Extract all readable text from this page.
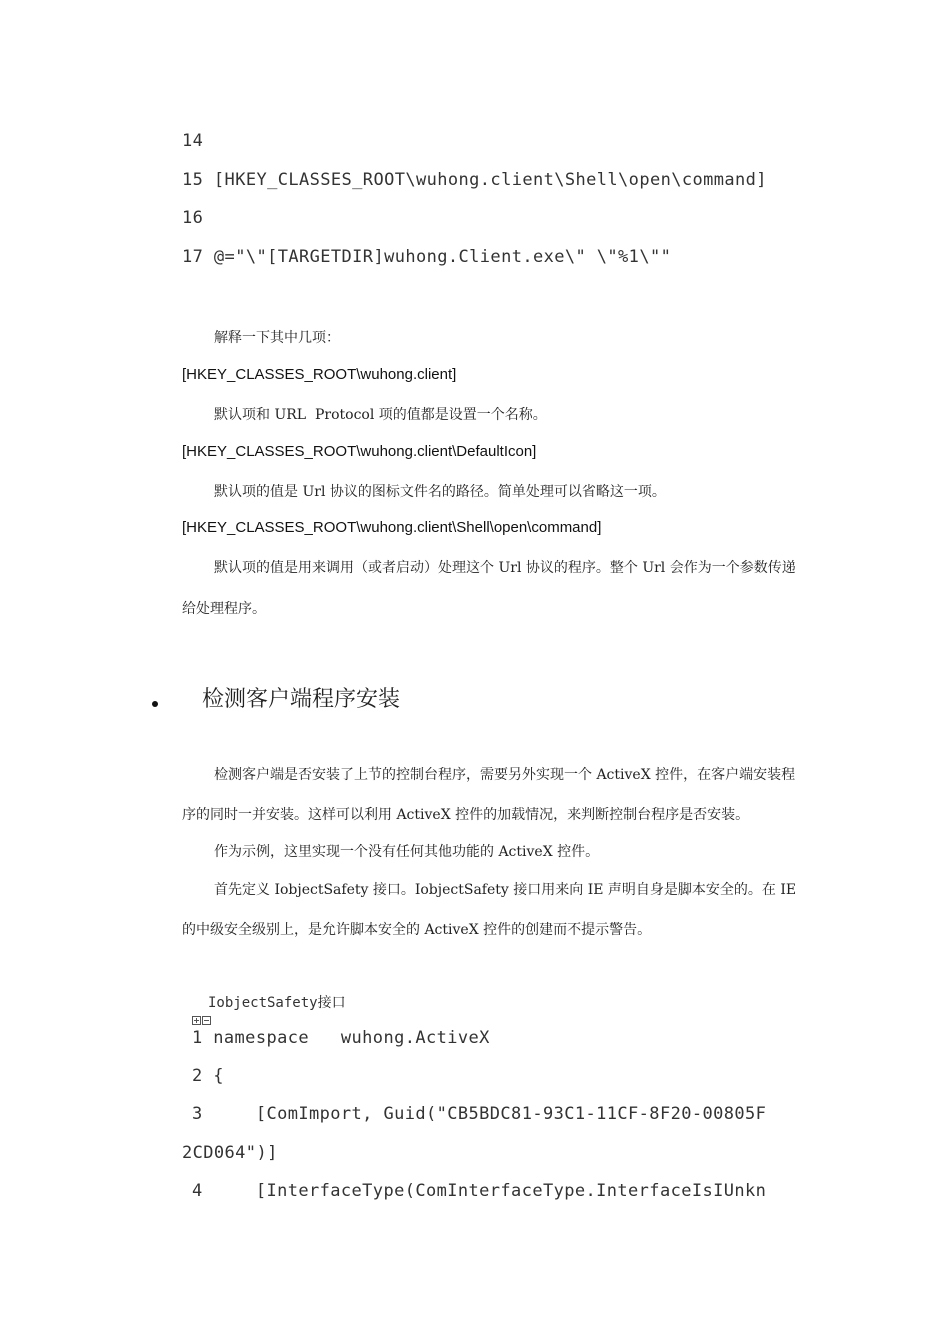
14
15 [HKEY_CLASSES_ROOT\wuhong.client\Shell\open\command]
16
17 @="\"[TARGETDIR]wuhong.Client.exe\" \"%1\""
解释一下其中几项：
[HKEY_CLASSES_ROOT\wuhong.client]
默认项和 URL  Protocol 项的值都是设置一个名称。
[HKEY_CLASSES_ROOT\wuhong.client\DefaultIcon]
默认项的值是 Url 协议的图标文件名的路径。简单处理可以省略这一项。
[HKEY_CLASSES_ROOT\wuhong.client\Shell\open\command]
默认项的值是用来调用（或者启动）处理这个 Url 协议的程序。整个 Url 会作为一个参数传递
给处理程序。
检测客户端程序安装
检测客户端是否安装了上节的控制台程序，需要另外实现一个 ActiveX 控件，在客户端安装程
序的同时一并安装。这样可以利用 ActiveX 控件的加载情况，来判断控制台程序是否安装。
作为示例，这里实现一个没有任何其他功能的 ActiveX 控件。
首先定义 IobjectSafety 接口。IobjectSafety 接口用来向 IE 声明自身是脚本安全的。在 IE
的中级安全级别上，是允许脚本安全的 ActiveX 控件的创建而不提示警告。

IobjectSafety接口
1 namespace   wuhong.ActiveX
2 {
3     [ComImport, Guid("CB5BDC81-93C1-11CF-8F20-00805F
2CD064")]
4     [InterfaceType(ComInterfaceType.InterfaceIsIUnkn
